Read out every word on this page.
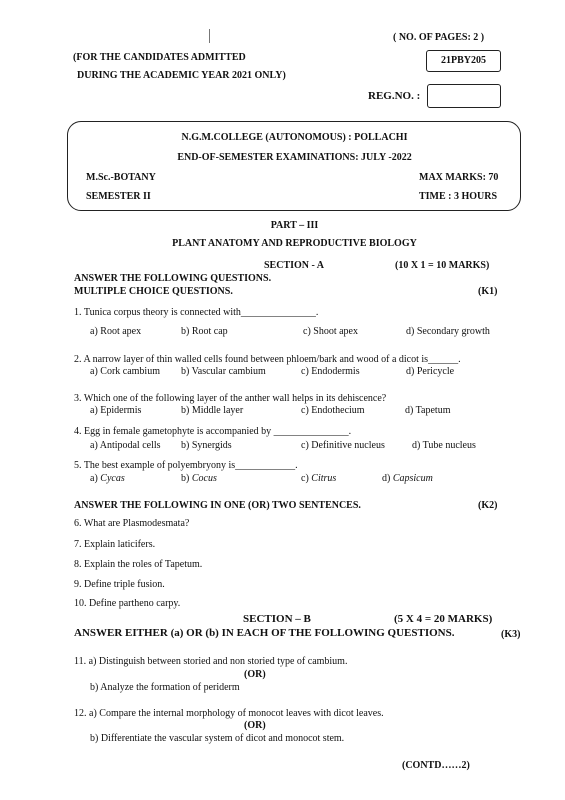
( NO. OF PAGES: 2 )
(FOR THE CANDIDATES ADMITTED
DURING THE ACADEMIC YEAR 2021 ONLY)
21PBY205
REG.NO. :
N.G.M.COLLEGE (AUTONOMOUS) : POLLACHI
END-OF-SEMESTER EXAMINATIONS: JULY -2022
M.Sc.-BOTANY	MAX MARKS: 70
SEMESTER II	TIME : 3 HOURS
PART – III
PLANT ANATOMY AND REPRODUCTIVE BIOLOGY
SECTION - A	(10 X 1 = 10 MARKS)
ANSWER THE FOLLOWING QUESTIONS.
MULTIPLE CHOICE QUESTIONS.	(K1)
1. Tunica corpus theory is connected with_______________.
a) Root apex	b) Root cap	c) Shoot apex	d) Secondary growth
2. A narrow layer of thin walled cells found between phloem/bark and wood of a dicot is______.
a) Cork cambium b) Vascular cambium	c) Endodermis	d) Pericycle
3. Which one of the following layer of the anther wall helps in its dehiscence?
a) Epidermis	b) Middle layer	c) Endothecium	d) Tapetum
4. Egg in female gametophyte is accompanied by _______________.
a) Antipodal cells b) Synergids	c) Definitive nucleus	d) Tube nucleus
5. The best example of polyembryony is____________.
a) Cycas	b) Cocus	c) Citrus	d) Capsicum
ANSWER THE FOLLOWING IN ONE (OR) TWO SENTENCES.	(K2)
6. What are Plasmodesmata?
7. Explain laticifers.
8. Explain the roles of Tapetum.
9. Define triple fusion.
10. Define partheno carpy.
SECTION – B	(5 X 4 = 20 MARKS)
ANSWER EITHER (a) OR (b) IN EACH OF THE FOLLOWING QUESTIONS.	(K3)
11. a) Distinguish between storied and non storied type of cambium.
(OR)
b) Analyze the formation of periderm
12. a) Compare the internal morphology of monocot leaves with dicot leaves.
(OR)
b) Differentiate the vascular system of dicot and monocot stem.
(CONTD……2)
